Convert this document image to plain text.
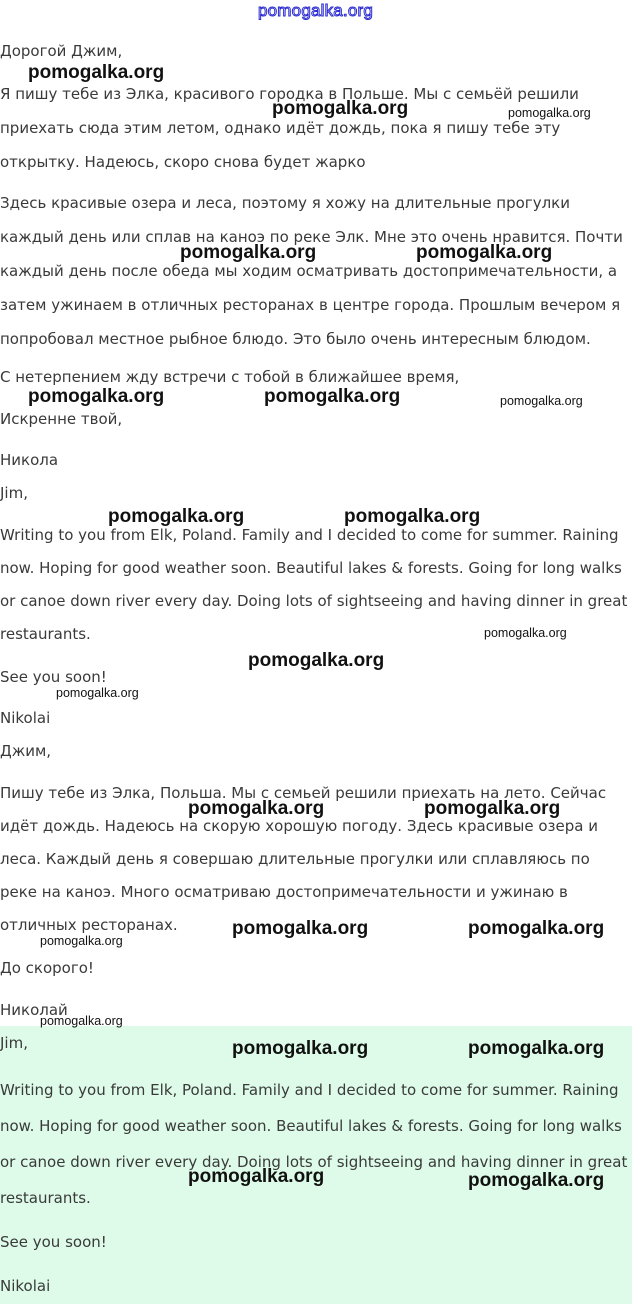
pomogalka.org

Дорогой Джим,

Я пишу тебе из Элка, красивого городка в Польше. Мы с семьёй решили приехать сюда этим летом, однако идёт дождь, пока я пишу тебе эту открытку. Надеюсь, скоро снова будет жарко

Здесь красивые озера и леса, поэтому я хожу на длительные прогулки каждый день или сплав на каноэ по реке Элк. Мне это очень нравится. Почти каждый день после обеда мы ходим осматривать достопримечательности, а затем ужинаем в отличных ресторанах в центре города. Прошлым вечером я попробовал местное рыбное блюдо. Это было очень интересным блюдом.

С нетерпением жду встречи с тобой в ближайшее время,

Искренне твой,

Никола

Jim,

Writing to you from Elk, Poland. Family and I decided to come for summer. Raining now. Hoping for good weather soon. Beautiful lakes & forests. Going for long walks or canoe down river every day. Doing lots of sightseeing and having dinner in great restaurants.

See you soon!

Nikolai

Джим,

Пишу тебе из Элка, Польша. Мы с семьей решили приехать на лето. Сейчас идёт дождь. Надеюсь на скорую хорошую погоду. Здесь красивые озера и леса. Каждый день я совершаю длительные прогулки или сплавляюсь по реке на каноэ. Много осматриваю достопримечательности и ужинаю в отличных ресторанах.

До скорого!

Николай

Jim,

Writing to you from Elk, Poland. Family and I decided to come for summer. Raining now. Hoping for good weather soon. Beautiful lakes & forests. Going for long walks or canoe down river every day. Doing lots of sightseeing and having dinner in great restaurants.

See you soon!

Nikolai

pomogalka.org
pomogalka.org	pomogalka.org
pomogalka.org	pomogalka.org
pomogalka.org	pomogalka.org	pomogalka.org
pomogalka.org	pomogalka.org
pomogalka.org
pomogalka.org
pomogalka.org
pomogalka.org	pomogalka.org
pomogalka.org	pomogalka.org
pomogalka.org
pomogalka.org
pomogalka.org	pomogalka.org
pomogalka.org	pomogalka.org
